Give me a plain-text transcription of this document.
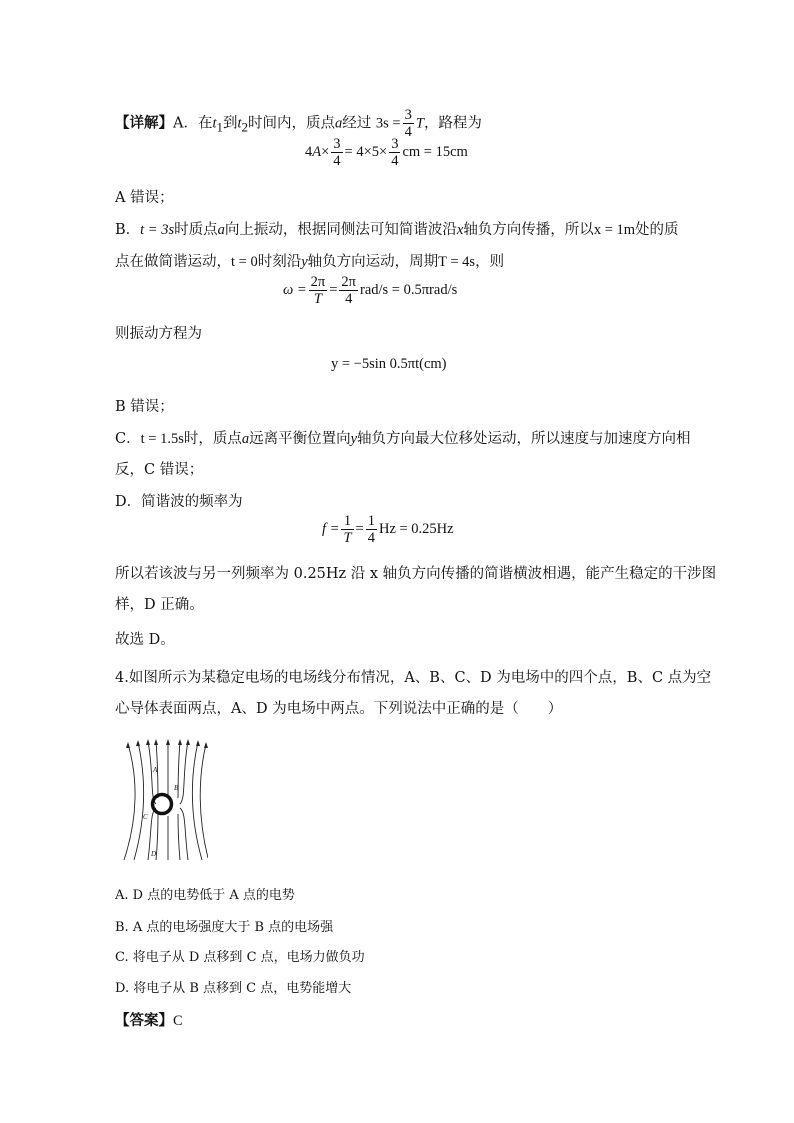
【详解】A．在$t_1$到$t_2$时间内，质点a经过 $3s = \frac{3}{4}$ T，路程为
$4A\times \frac{3}{4} = 4\times 5\times \frac{3}{4}$ cm = 15cm
A 错误；
B．t = 3s时质点a向上振动，根据同侧法可知简谐波沿x轴负方向传播，所以x = 1m处的质
点在做简谐运动，t = 0时刻沿y轴负方向运动，周期T = 4s，则
$\omega = \frac{2\pi}{T} = \frac{2\pi}{4} rad/s = 0.5\pi rad/s$
则振动方程为
y = −5sin 0.5πt(cm)
B 错误；
C．t = 1.5s时，质点a远离平衡位置向y轴负方向最大位移处运动，所以速度与加速度方向相
反，C 错误；
D．简谐波的频率为
$f = \frac{1}{T} = \frac{1}{4}$ Hz = 0.25Hz
所以若该波与另一列频率为 0.25Hz 沿 x 轴负方向传播的简谐横波相遇，能产生稳定的干涉图
样，D 正确。
故选 D。
4.如图所示为某稳定电场的电场线分布情况，A、B、C、D 为电场中的四个点，B、C 点为空
心导体表面两点，A、D 为电场中两点。下列说法中正确的是（　　）
A
B
C
D
A. D 点的电势低于 A 点的电势
B. A 点的电场强度大于 B 点的电场强
C. 将电子从 D 点移到 C 点，电场力做负功
D. 将电子从 B 点移到 C 点，电势能增大
【答案】C
